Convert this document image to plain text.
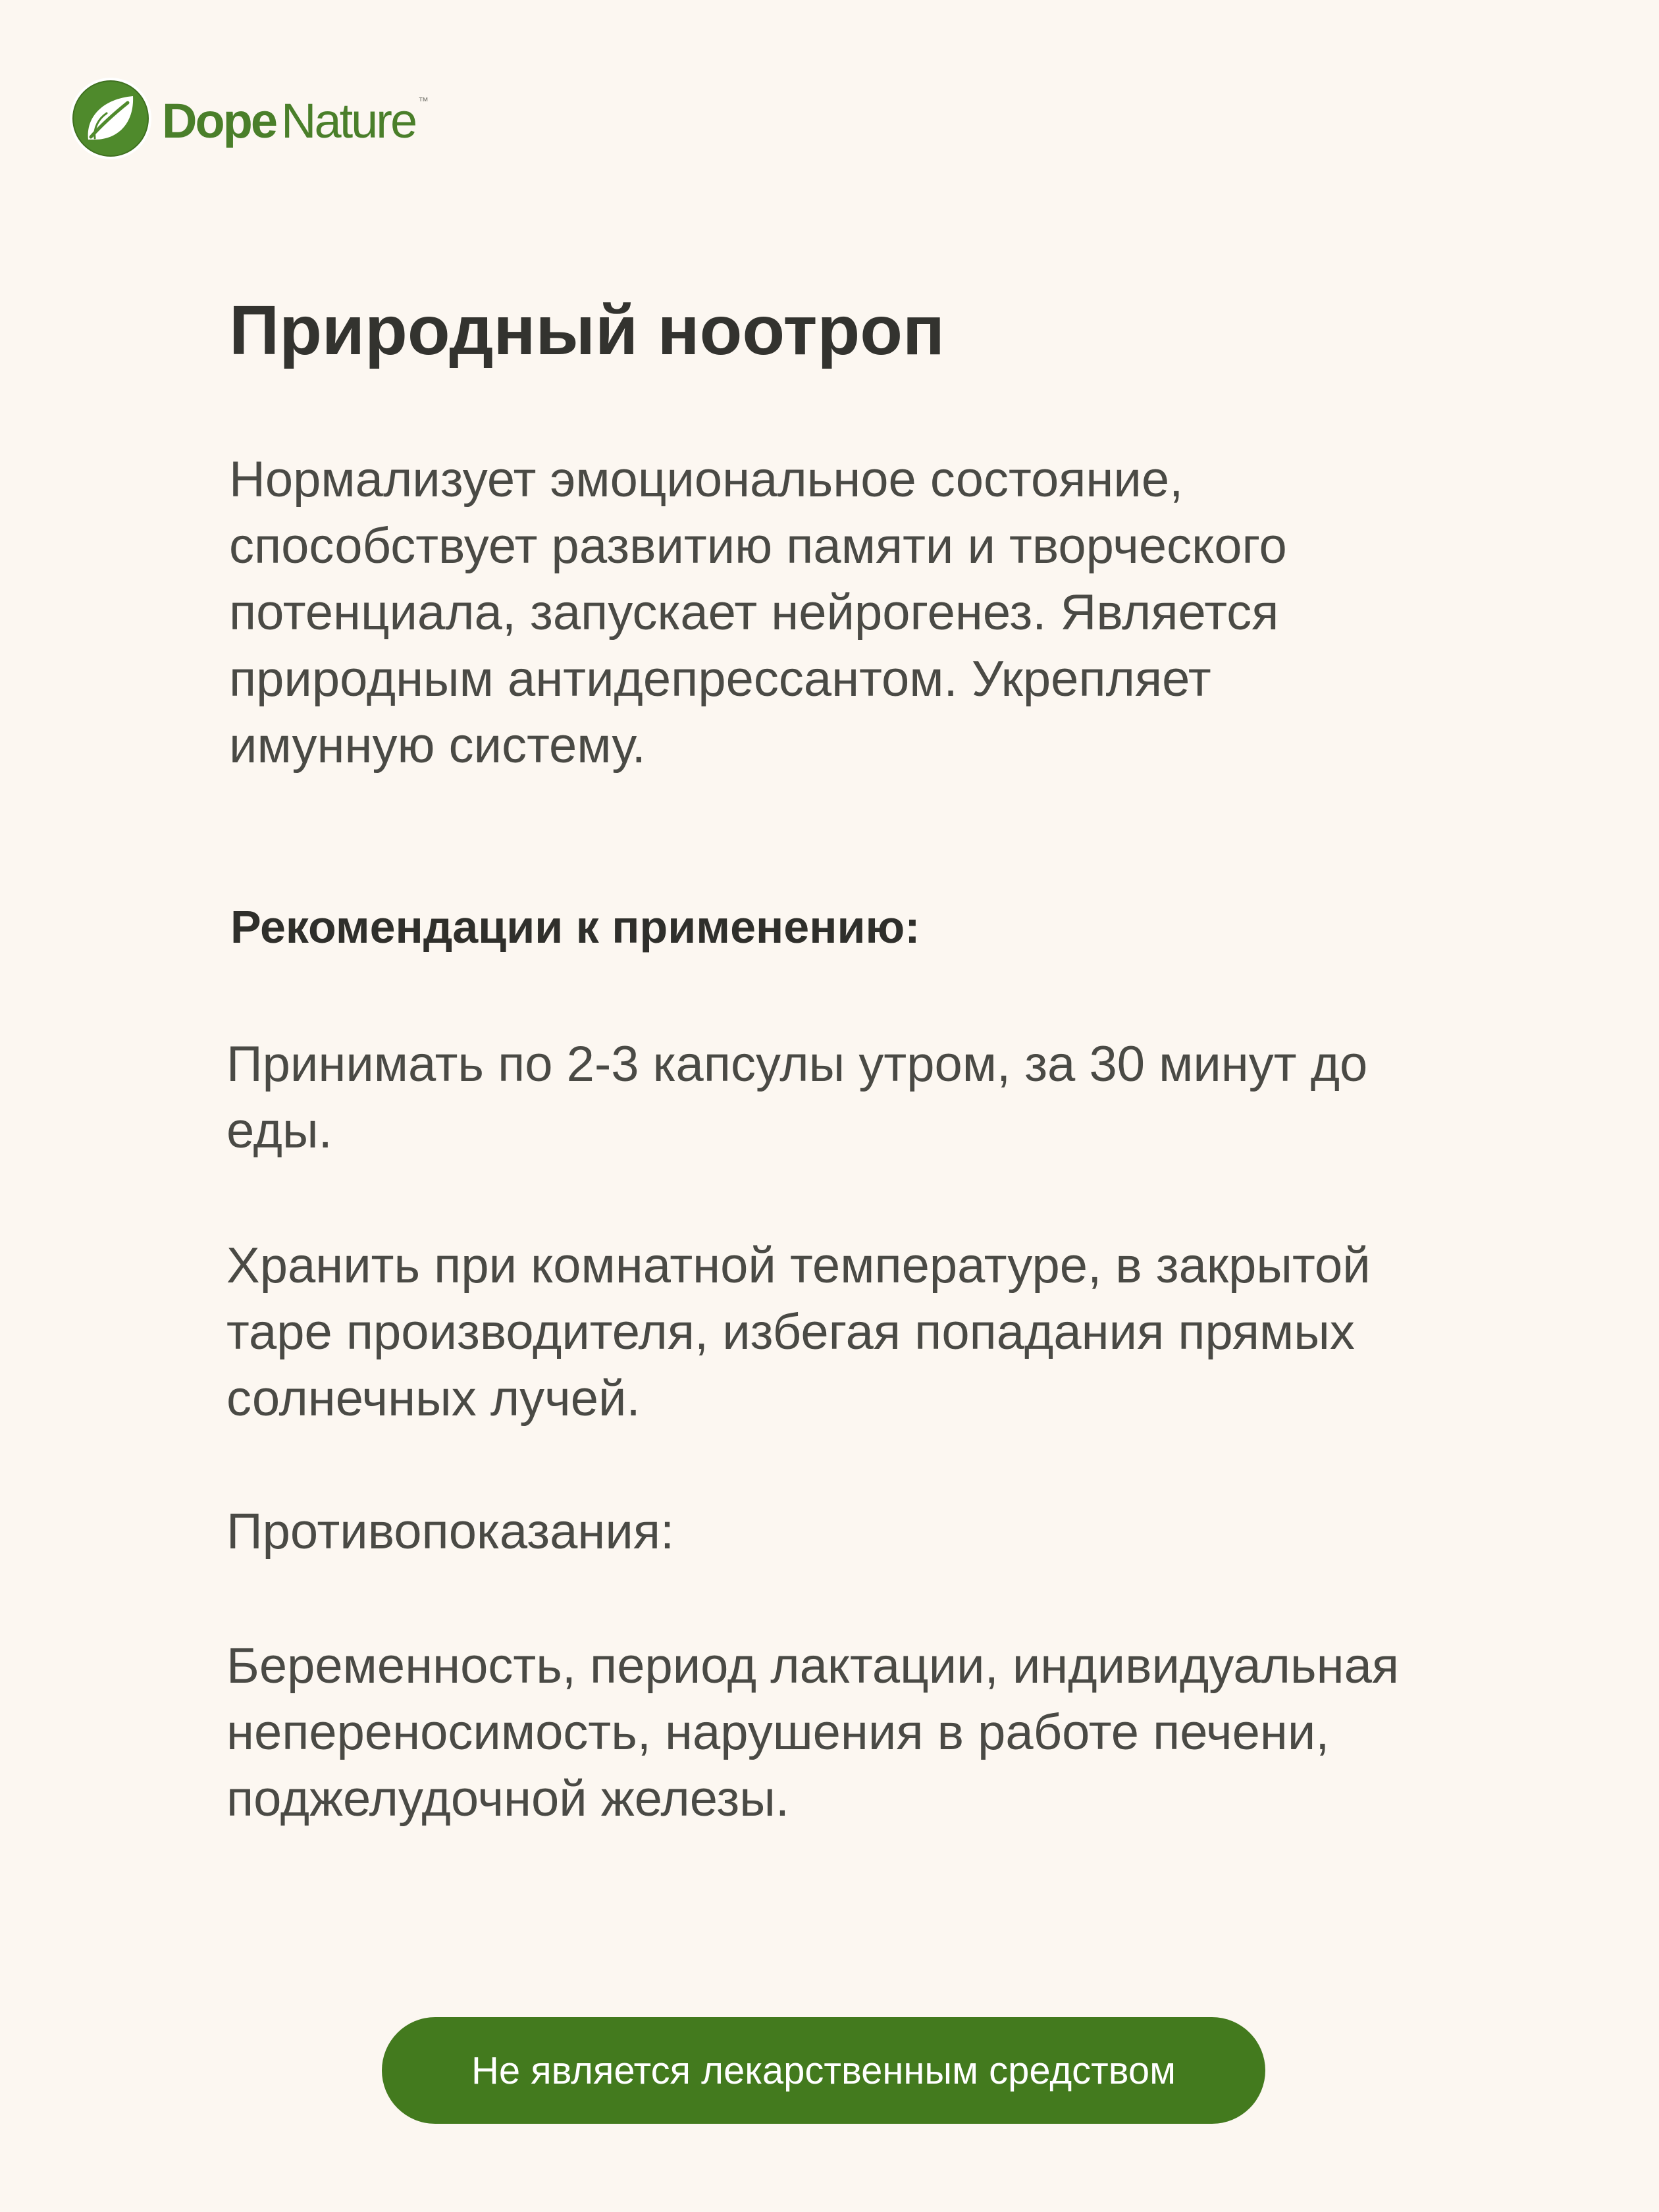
Dope Nature ™
Природный ноотроп

Нормализует эмоциональное состояние, способствует развитию памяти и творческого потенциала, запускает нейрогенез. Является природным антидепрессантом. Укрепляет имунную систему.

Рекомендации к применению:

Принимать по 2-3 капсулы утром, за 30 минут до еды.

Хранить при комнатной температуре, в закрытой таре производителя, избегая попадания прямых солнечных лучей.

Противопоказания:

Беременность, период лактации, индивидуальная непереносимость, нарушения в работе печени, поджелудочной железы.

Не является лекарственным средством
